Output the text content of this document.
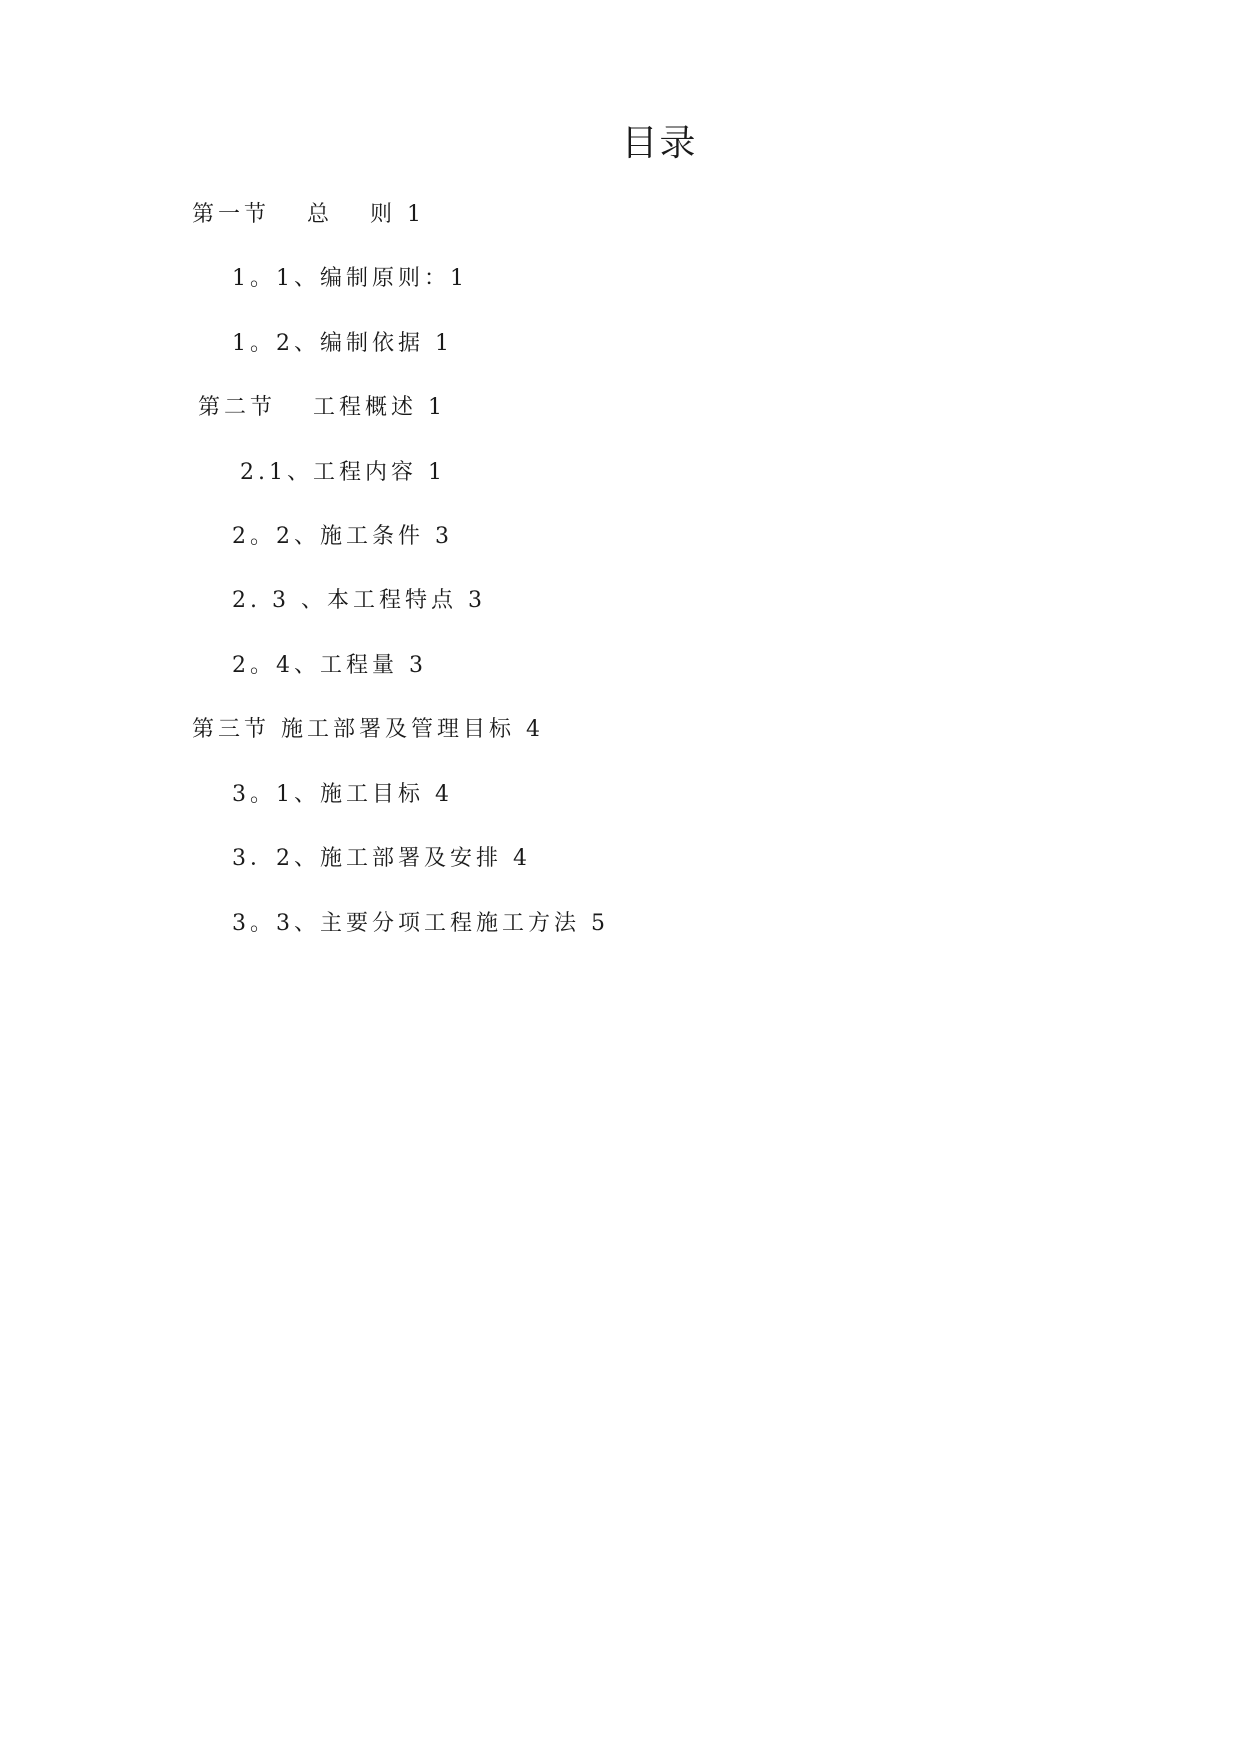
目录
第一节　 总　 则 1
1。1、编制原则：1
1。2、编制依据 1
第二节　 工程概述 1
2.1、工程内容 1
2。2、施工条件 3
2. 3 、本工程特点 3
2。4、工程量 3
第三节 施工部署及管理目标 4
3。1、施工目标 4
3．2、施工部署及安排 4
3。3、主要分项工程施工方法 5
